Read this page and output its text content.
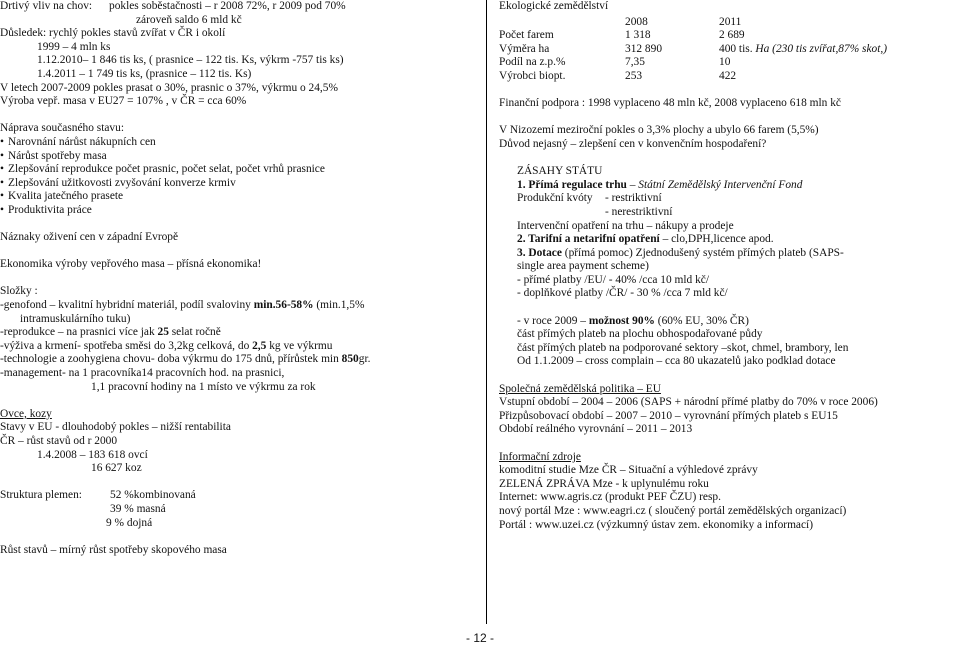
Drtivý vliv na chov:	pokles soběstačnosti – r 2008 72%, r 2009 pod 70%
zároveň saldo 6 mld kč
Důsledek: rychlý pokles stavů zvířat v ČR i okolí
1999 – 4 mln ks
1.12.2010– 1 846 tis ks, ( prasnice – 122 tis. Ks, výkrm -757 tis ks)
1.4.2011 – 1 749 tis ks, (prasnice – 112 tis. Ks)
V letech 2007-2009 pokles prasat o 30%, prasnic o 37%, výkrmu o 24,5%
Výroba vepř. masa v EU27 = 107% , v ČR = cca 60%
Náprava současného stavu:
• Narovnání nárůst nákupních cen
• Nárůst spotřeby masa
• Zlepšování reprodukce počet prasnic, počet selat, počet vrhů prasnice
• Zlepšování užitkovosti zvyšování konverze krmiv
• Kvalita jatečného prasete
• Produktivita práce
Náznaky oživení cen v západní Evropě
Ekonomika výroby vepřového masa – přísná ekonomika!
Složky :
-genofond – kvalitní hybridní materiál, podíl svaloviny min.56-58% (min.1,5%
intramuskulárního tuku)
-reprodukce – na prasnici více jak 25 selat ročně
-výživa a krmení- spotřeba směsi do 3,2kg celková, do 2,5 kg ve výkrmu
-technologie a zoohygiena chovu- doba výkrmu do 175 dnů, přírůstek min 850gr.
-management- na 1 pracovníka14 pracovních hod. na prasnici,
1,1 pracovní hodiny na 1 místo ve výkrmu za rok
Ovce, kozy
Stavy v EU - dlouhodobý pokles – nižší rentabilita
ČR – růst stavů od r 2000
1.4.2008 – 183 618 ovcí
16 627 koz
Struktura plemen:	52 %kombinovaná
39 % masná
9 % dojná
Růst stavů – mírný růst spotřeby skopového masa
Ekologické zemědělství
	2008	2011
Počet farem	1 318	2 689
Výměra ha	312 890	400 tis. Ha (230 tis zvířat,87% skot,)
Podíl na z.p.%	7,35	10
Výrobci biopt.	253	422
Finanční podpora : 1998 vyplaceno 48 mln kč, 2008 vyplaceno 618 mln kč
V Nizozemí meziroční pokles o 3,3% plochy a ubylo 66 farem (5,5%)
Důvod nejasný – zlepšení cen v konvenčním hospodaření?
ZÁSAHY STÁTU
1. Přímá regulace trhu – Státní Zemědělský Intervenční Fond
Produkční kvóty	- restriktivní
- nerestriktivní
Intervenční opatření na trhu – nákupy a prodeje
2. Tarifní a netarifní opatření – clo,DPH,licence apod.
3. Dotace (přímá pomoc) Zjednodušený systém přímých plateb (SAPS-
single area payment scheme)
- přímé platby /EU/ - 40% /cca 10 mld kč/
- doplňkové platby /ČR/ - 30 % /cca 7 mld kč/
- v roce 2009 – možnost 90% (60% EU, 30% ČR)
část přímých plateb na plochu obhospodařované půdy
část přímých plateb na podporované sektory –skot, chmel, brambory, len
Od 1.1.2009 – cross complain – cca 80 ukazatelů jako podklad dotace
Společná zemědělská politika – EU
Vstupní období – 2004 – 2006 (SAPS + národní přímé platby do 70% v roce 2006)
Přizpůsobovací období – 2007 – 2010 – vyrovnání přímých plateb s EU15
Období reálného vyrovnání – 2011 – 2013
Informační zdroje
komoditní studie Mze ČR – Situační a výhledové zprávy
ZELENÁ ZPRÁVA Mze - k uplynulému roku
Internet: www.agris.cz (produkt PEF ČZU) resp.
nový portál Mze : www.eagri.cz ( sloučený portál zemědělských organizací)
Portál : www.uzei.cz (výzkumný ústav zem. ekonomiky a informací)
- 12 -
